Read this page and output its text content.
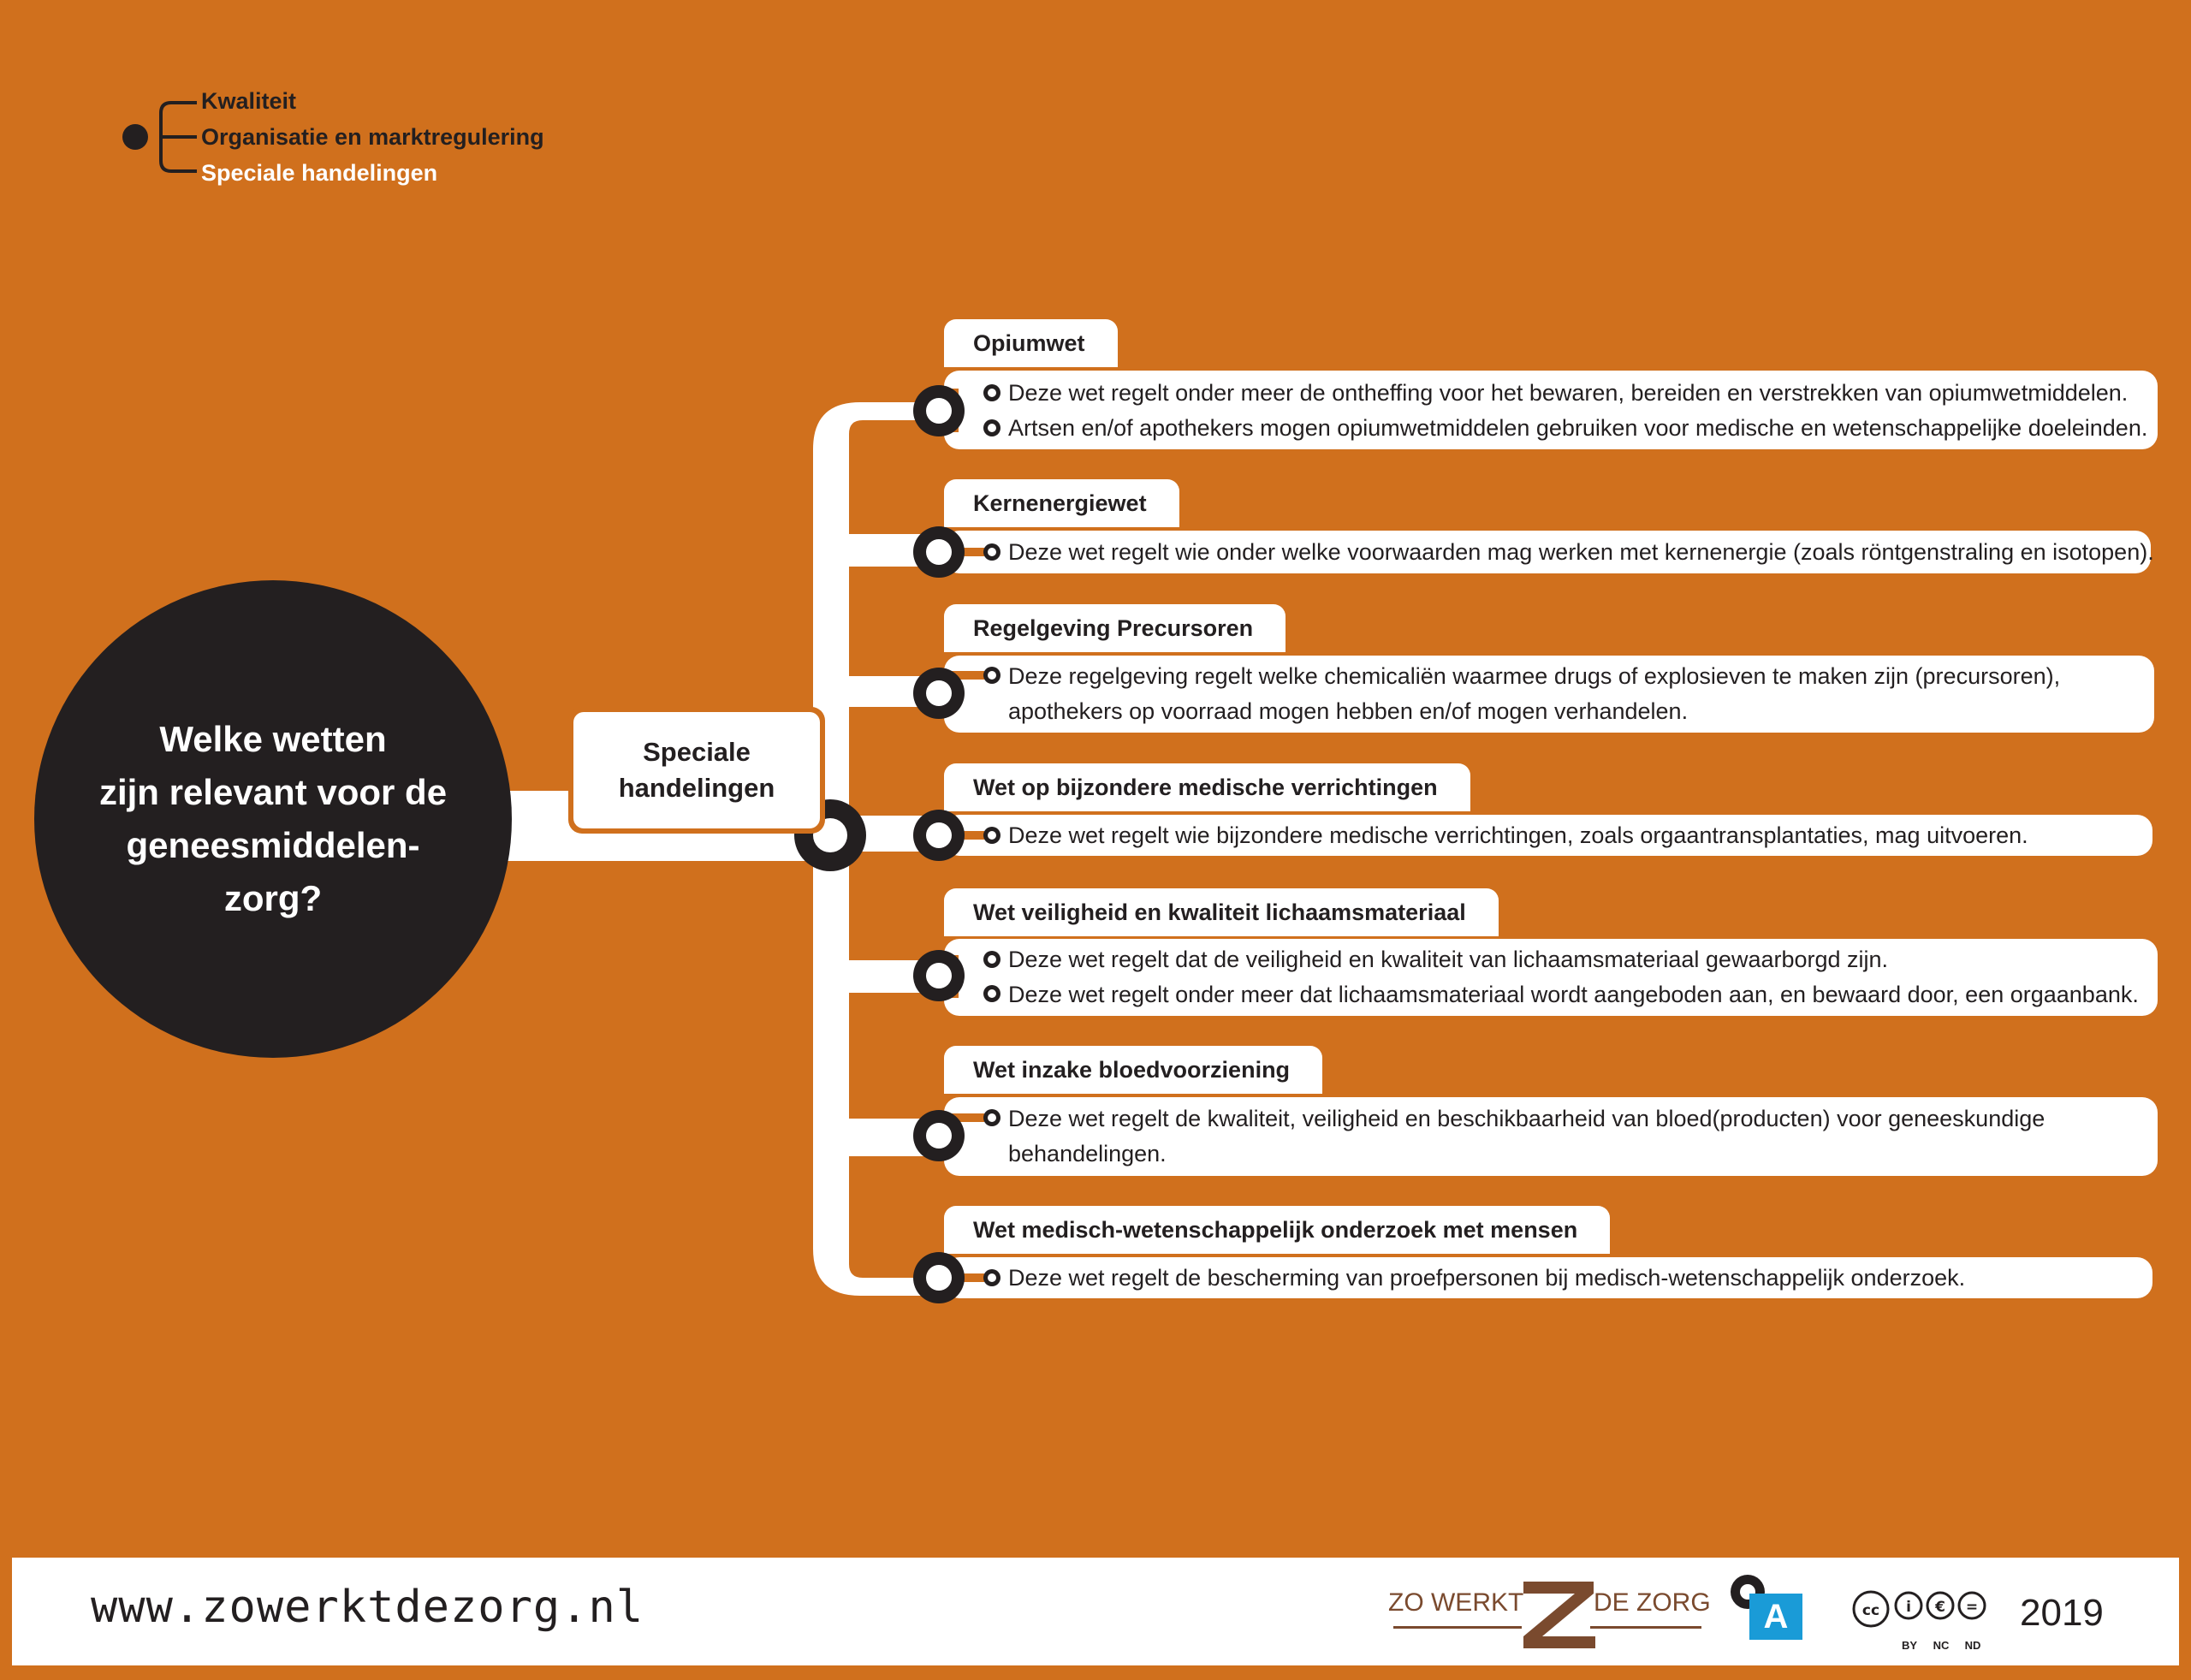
Kwaliteit
Organisatie en marktregulering
Speciale handelingen
Welke wetten
zijn relevant voor de
geneesmiddelen-
zorg?
Speciale handelingen
Opiumwet
Deze wet regelt onder meer de ontheffing voor het bewaren, bereiden en verstrekken van opiumwetmiddelen.
Artsen en/of apothekers mogen opiumwetmiddelen gebruiken voor medische en wetenschappelijke doeleinden.
Kernenergiewet
Deze wet regelt wie onder welke voorwaarden mag werken met kernenergie (zoals röntgenstraling en isotopen).
Regelgeving Precursoren
Deze regelgeving regelt welke chemicaliën waarmee drugs of explosieven te maken zijn (precursoren),
apothekers op voorraad mogen hebben en/of mogen verhandelen.
Wet op bijzondere medische verrichtingen
Deze wet regelt wie bijzondere medische verrichtingen, zoals orgaantransplantaties, mag uitvoeren.
Wet veiligheid en kwaliteit lichaamsmateriaal
Deze wet regelt dat de veiligheid en kwaliteit van lichaamsmateriaal gewaarborgd zijn.
Deze wet regelt onder meer dat lichaamsmateriaal wordt aangeboden aan, en bewaard door, een orgaanbank.
Wet inzake bloedvoorziening
Deze wet regelt de kwaliteit, veiligheid en beschikbaarheid van bloed(producten) voor geneeskundige
behandelingen.
Wet medisch-wetenschappelijk onderzoek met mensen
Deze wet regelt de bescherming van proefpersonen bij medisch-wetenschappelijk onderzoek.
www.zowerktdezorg.nl	ZO WERKT	DE ZORG	A	cc i € =
BY NC ND
2019
